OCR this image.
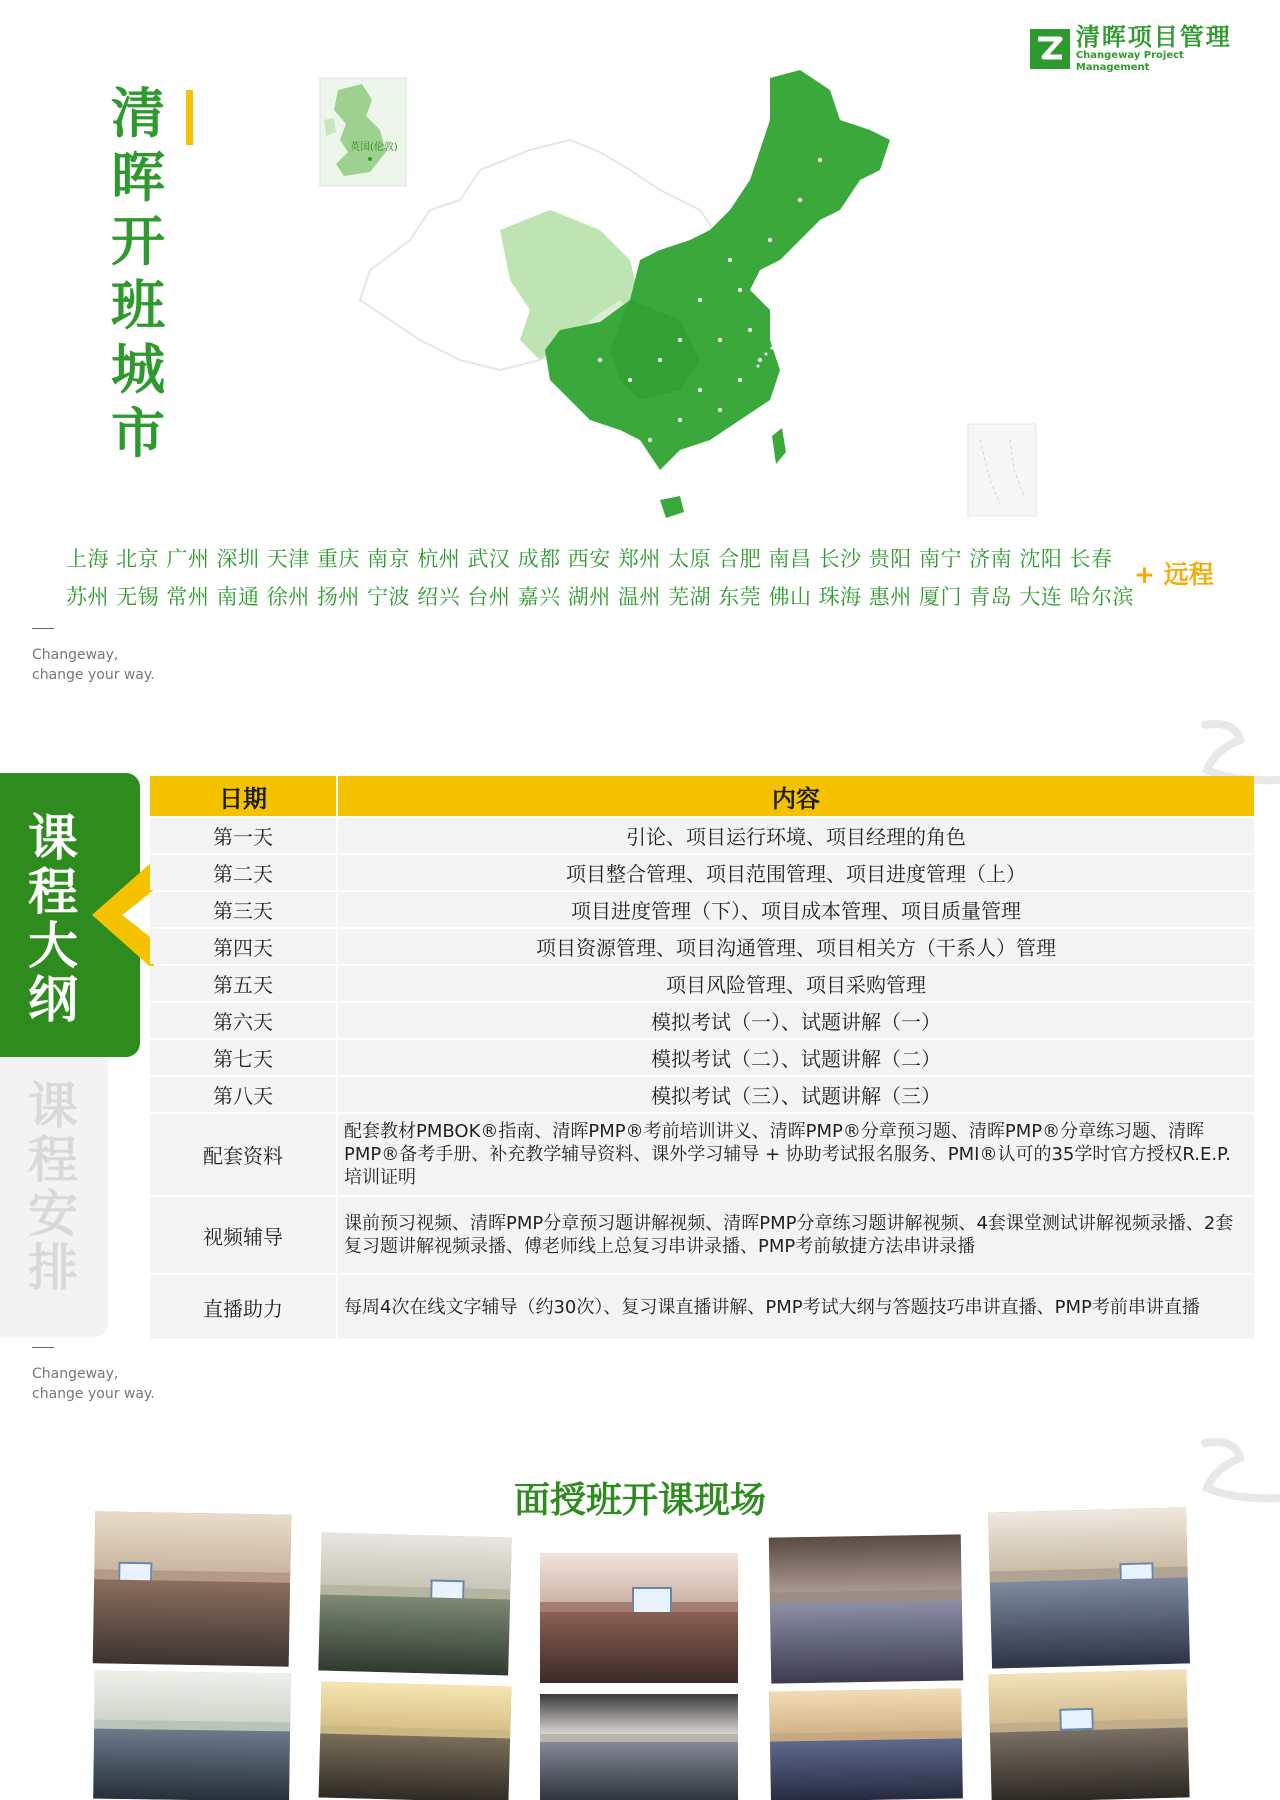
清晖项目管理
Changeway Project Management
清
晖
开
班
城
市
英国(伦敦)
上海 北京 广州 深圳 天津 重庆 南京 杭州 武汉 成都 西安 郑州 太原 合肥 南昌 长沙 贵阳 南宁 济南 沈阳 长春
苏州 无锡 常州 南通 徐州 扬州 宁波 绍兴 台州 嘉兴 湖州 温州 芜湖 东莞 佛山 珠海 惠州 厦门 青岛 大连 哈尔滨
+ 远程
Changeway,
change your way.
课
程
大
纲
课
程
安
排
日期	内容
第一天	引论、项目运行环境、项目经理的角色
第二天	项目整合管理、项目范围管理、项目进度管理（上）
第三天	项目进度管理（下）、项目成本管理、项目质量管理
第四天	项目资源管理、项目沟通管理、项目相关方（干系人）管理
第五天	项目风险管理、项目采购管理
第六天	模拟考试（一）、试题讲解（一）
第七天	模拟考试（二）、试题讲解（二）
第八天	模拟考试（三）、试题讲解（三）
配套资料	配套教材PMBOK®指南、清晖PMP®考前培训讲义、清晖PMP®分章预习题、清晖PMP®分章练习题、清晖PMP®备考手册、补充教学辅导资料、课外学习辅导 + 协助考试报名服务、PMI®认可的35学时官方授权R.E.P.培训证明
视频辅导	课前预习视频、清晖PMP分章预习题讲解视频、清晖PMP分章练习题讲解视频、4套课堂测试讲解视频录播、2套复习题讲解视频录播、傅老师线上总复习串讲录播、PMP考前敏捷方法串讲录播
直播助力	每周4次在线文字辅导（约30次）、复习课直播讲解、PMP考试大纲与答题技巧串讲直播、PMP考前串讲直播
Changeway,
change your way.
面授班开课现场
